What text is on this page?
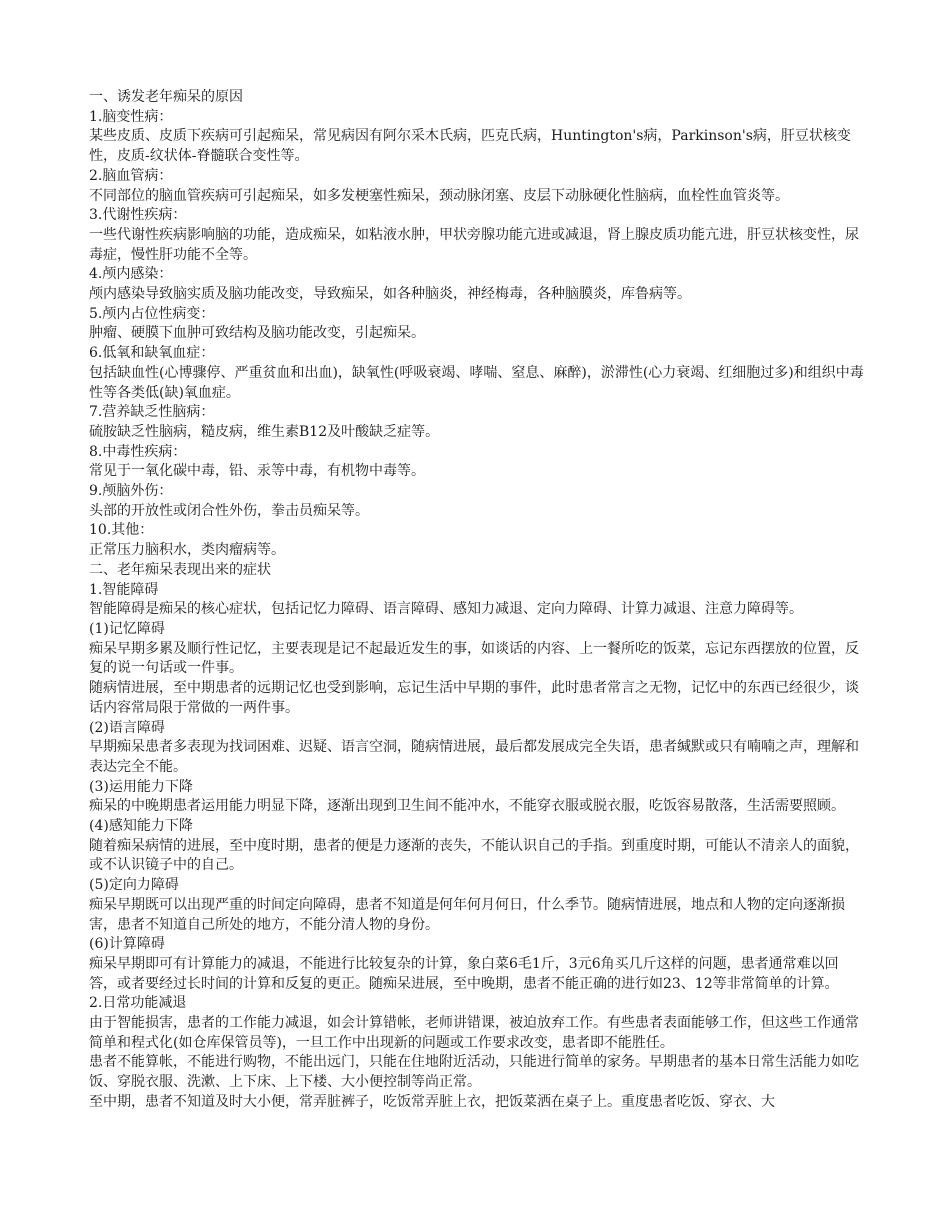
一、诱发老年痴呆的原因

1.脑变性病：

某些皮质、皮质下疾病可引起痴呆，常见病因有阿尔采木氏病，匹克氏病，Huntington's病，Parkinson's病，肝豆状核变性，皮质-纹状体-脊髓联合变性等。

2.脑血管病：

不同部位的脑血管疾病可引起痴呆，如多发梗塞性痴呆，颈动脉闭塞、皮层下动脉硬化性脑病，血栓性血管炎等。

3.代谢性疾病：

一些代谢性疾病影响脑的功能，造成痴呆，如粘液水肿，甲状旁腺功能亢进或减退，肾上腺皮质功能亢进，肝豆状核变性，尿毒症，慢性肝功能不全等。

4.颅内感染：

颅内感染导致脑实质及脑功能改变，导致痴呆，如各种脑炎，神经梅毒，各种脑膜炎，库鲁病等。

5.颅内占位性病变：

肿瘤、硬膜下血肿可致结构及脑功能改变，引起痴呆。

6.低氧和缺氧血症：

包括缺血性(心博骤停、严重贫血和出血)，缺氧性(呼吸衰竭、哮喘、窒息、麻醉)，淤滞性(心力衰竭、红细胞过多)和组织中毒性等各类低(缺)氧血症。

7.营养缺乏性脑病：

硫胺缺乏性脑病，糙皮病，维生素B12及叶酸缺乏症等。

8.中毒性疾病：

常见于一氧化碳中毒，铅、汞等中毒，有机物中毒等。

9.颅脑外伤：

头部的开放性或闭合性外伤，拳击员痴呆等。

10.其他：

正常压力脑积水，类肉瘤病等。

二、老年痴呆表现出来的症状

1.智能障碍

智能障碍是痴呆的核心症状，包括记忆力障碍、语言障碍、感知力减退、定向力障碍、计算力减退、注意力障碍等。

(1)记忆障碍

痴呆早期多累及顺行性记忆，主要表现是记不起最近发生的事，如谈话的内容、上一餐所吃的饭菜，忘记东西摆放的位置，反复的说一句话或一件事。

随病情进展，至中期患者的远期记忆也受到影响，忘记生活中早期的事件，此时患者常言之无物，记忆中的东西已经很少，谈话内容常局限于常做的一两件事。

(2)语言障碍

早期痴呆患者多表现为找词困难、迟疑、语言空洞，随病情进展，最后都发展成完全失语，患者缄默或只有喃喃之声，理解和表达完全不能。

(3)运用能力下降

痴呆的中晚期患者运用能力明显下降，逐渐出现到卫生间不能冲水，不能穿衣服或脱衣服，吃饭容易散落，生活需要照顾。

(4)感知能力下降

随着痴呆病情的进展，至中度时期，患者的便是力逐渐的丧失，不能认识自己的手指。到重度时期，可能认不清亲人的面貌，或不认识镜子中的自己。

(5)定向力障碍

痴呆早期既可以出现严重的时间定向障碍，患者不知道是何年何月何日，什么季节。随病情进展，地点和人物的定向逐渐损害，患者不知道自己所处的地方，不能分清人物的身份。

(6)计算障碍

痴呆早期即可有计算能力的减退，不能进行比较复杂的计算，象白菜6毛1斤，3元6角买几斤这样的问题，患者通常难以回答，或者要经过长时间的计算和反复的更正。随痴呆进展，至中晚期，患者不能正确的进行如23、12等非常简单的计算。

2.日常功能减退

由于智能损害，患者的工作能力减退，如会计算错帐，老师讲错课，被迫放弃工作。有些患者表面能够工作，但这些工作通常简单和程式化(如仓库保管员等)，一旦工作中出现新的问题或工作要求改变，患者即不能胜任。

患者不能算帐，不能进行购物，不能出远门，只能在住地附近活动，只能进行简单的家务。早期患者的基本日常生活能力如吃饭、穿脱衣服、洗漱、上下床、上下楼、大小便控制等尚正常。

至中期，患者不知道及时大小便，常弄脏裤子，吃饭常弄脏上衣，把饭菜洒在桌子上。重度患者吃饭、穿衣、大
